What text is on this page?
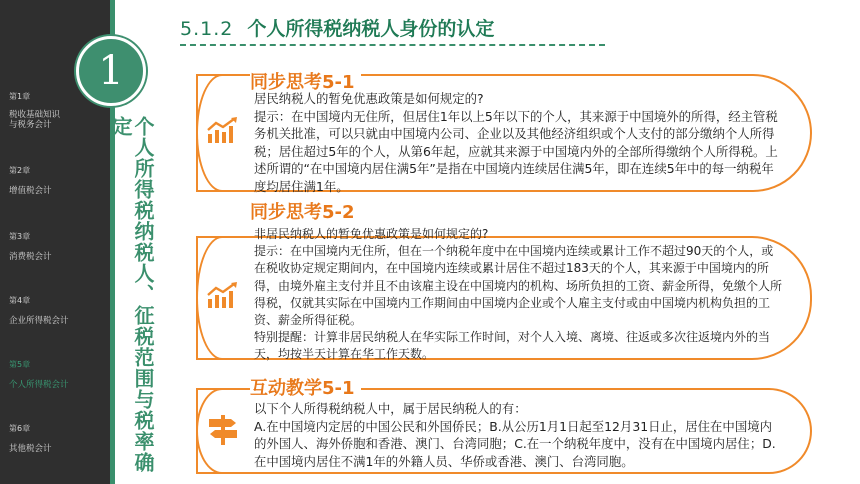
第1章
税收基础知识
与税务会计
第2章
增值税会计
第3章
消费税会计
第4章
企业所得税会计
第5章
个人所得税会计
第6章
其他税会计
1
个人所得税纳税人、征税范围与税率确定
5.1.2 个人所得税纳税人身份的认定
同步思考5-1

居民纳税人的暂免优惠政策是如何规定的?

提示：在中国境内无住所，但居住1年以上5年以下的个人，其来源于中国境外的所得，经主管税务机关批准，可以只就由中国境内公司、企业以及其他经济组织或个人支付的部分缴纳个人所得税；居住超过5年的个人，从第6年起，应就其来源于中国境内外的全部所得缴纳个人所得税。上述所谓的“在中国境内居住满5年”是指在中国境内连续居住满5年，即在连续5年中的每一纳税年度均居住满1年。

同步思考5-2

非居民纳税人的暂免优惠政策是如何规定的?

提示：在中国境内无住所，但在一个纳税年度中在中国境内连续或累计工作不超过90天的个人，或在税收协定规定期间内，在中国境内连续或累计居住不超过183天的个人，其来源于中国境内的所得，由境外雇主支付并且不由该雇主设在中国境内的机构、场所负担的工资、薪金所得，免缴个人所得税，仅就其实际在中国境内工作期间由中国境内企业或个人雇主支付或由中国境内机构负担的工资、薪金所得征税。

特别提醒：计算非居民纳税人在华实际工作时间，对个人入境、离境、往返或多次往返境内外的当天，均按半天计算在华工作天数。

互动教学5-1

以下个人所得税纳税人中，属于居民纳税人的有：

A.在中国境内定居的中国公民和外国侨民；B.从公历1月1日起至12月31日止，居住在中国境内的外国人、海外侨胞和香港、澳门、台湾同胞；C.在一个纳税年度中，没有在中国境内居住；D.在中国境内居住不满1年的外籍人员、华侨或香港、澳门、台湾同胞。
